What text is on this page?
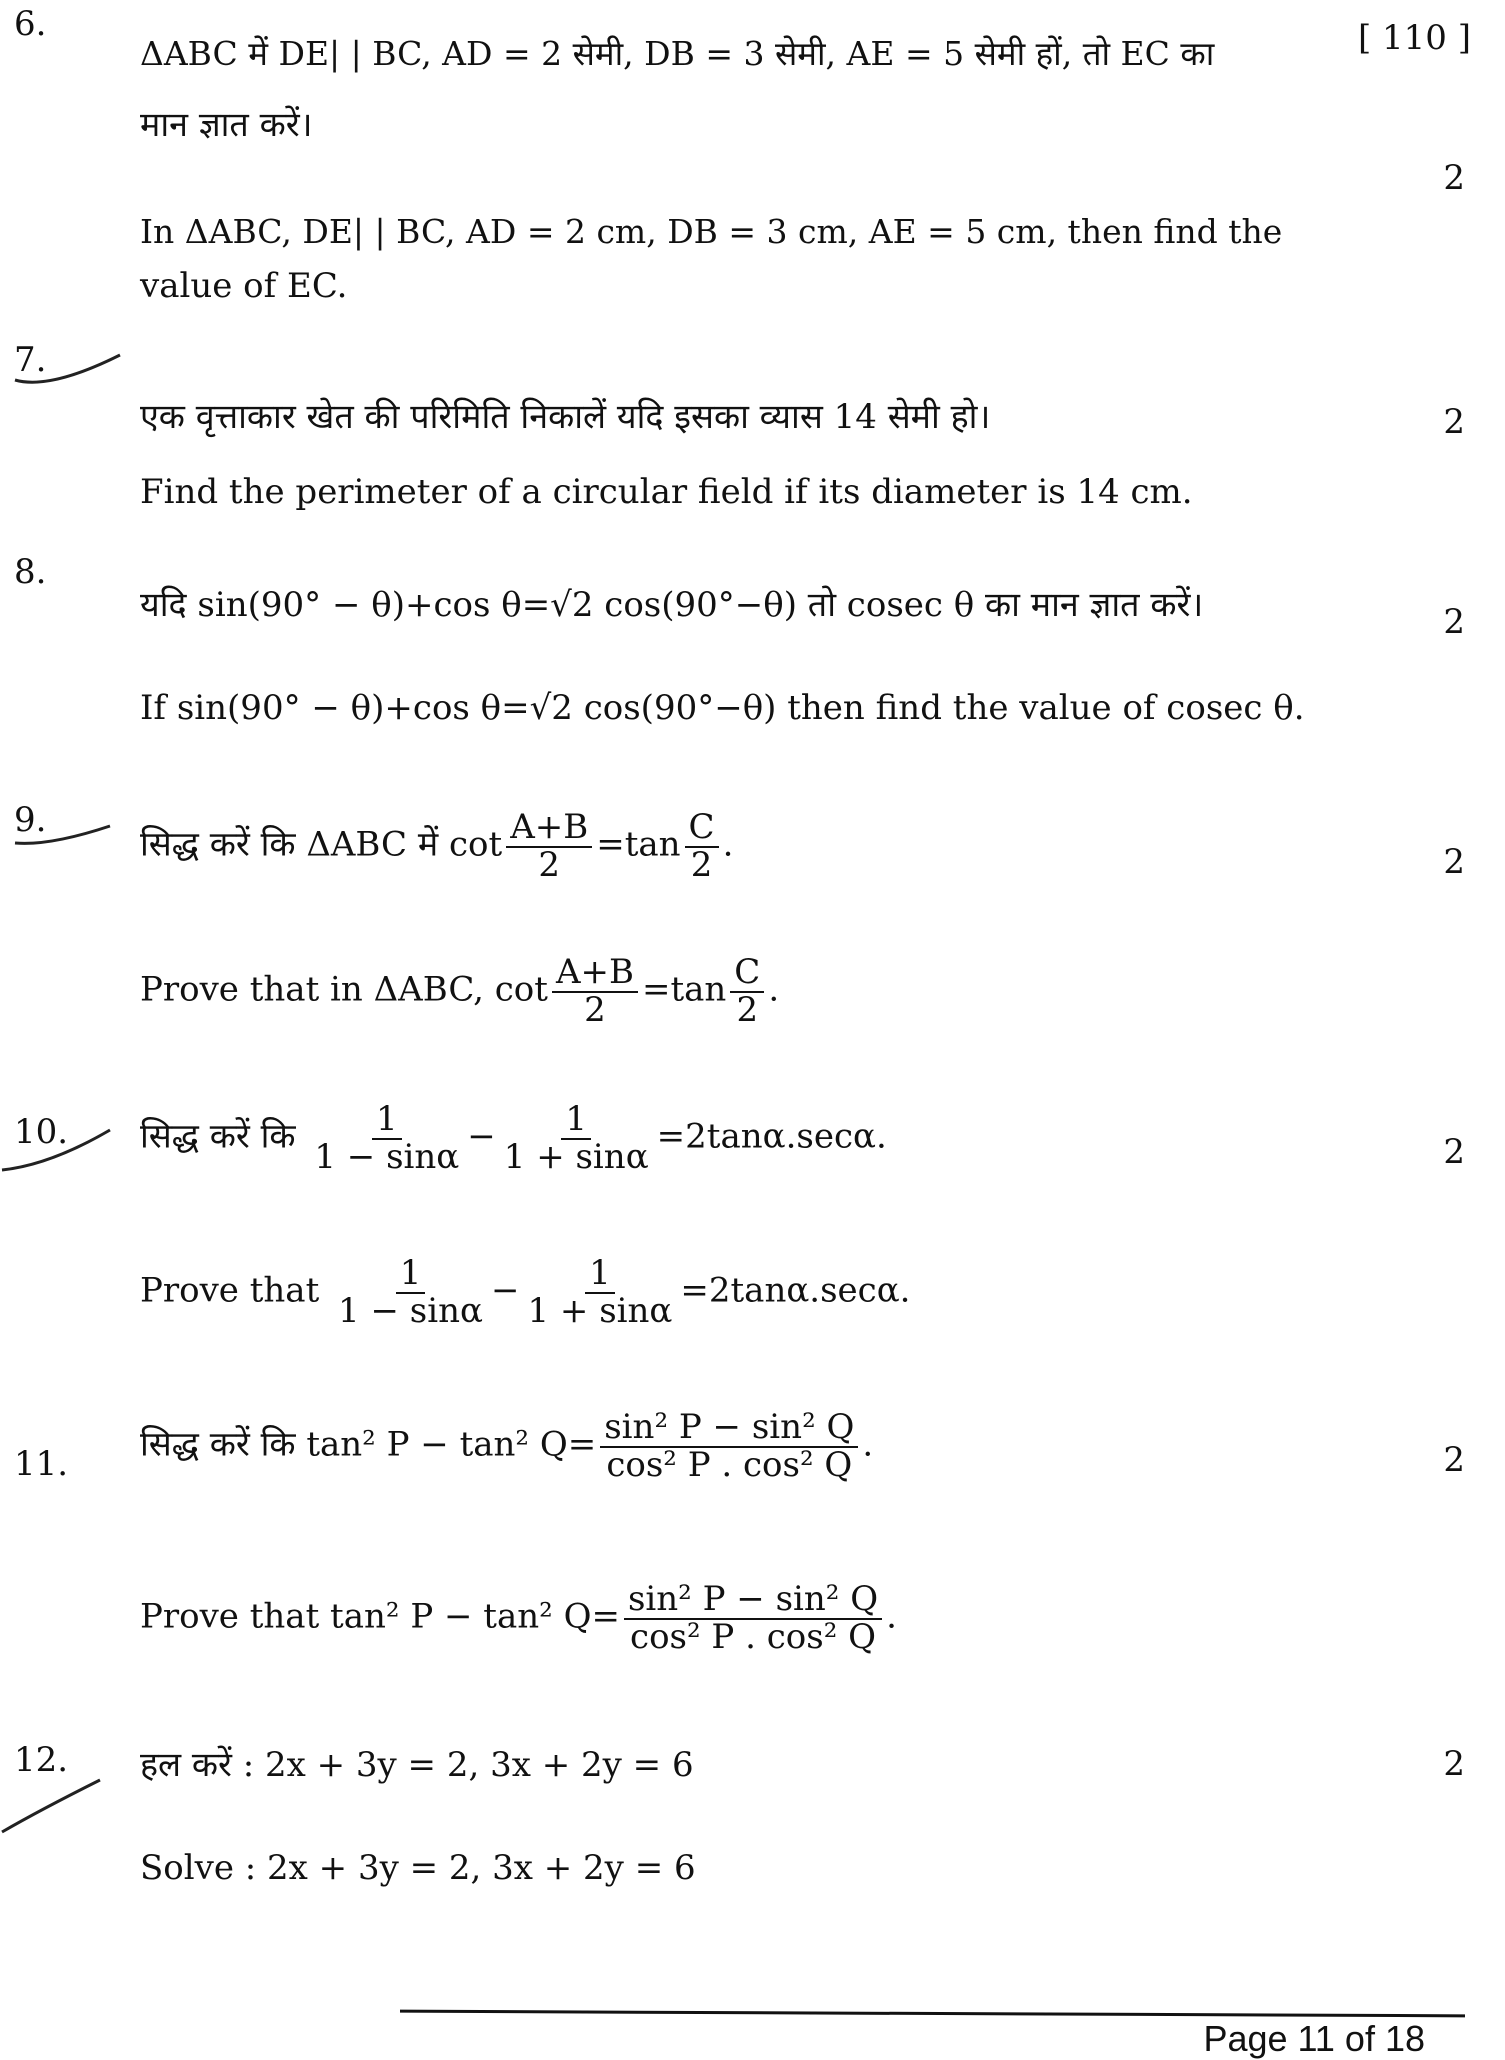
6.	[ 110 ]
ΔABC में DE| | BC, AD = 2 सेमी, DB = 3 सेमी, AE = 5 सेमी हों, तो EC का
मान ज्ञात करें।
2
In ΔABC, DE| | BC, AD = 2 cm, DB = 3 cm, AE = 5 cm, then find the
value of EC.
7.
एक वृत्ताकार खेत की परिमिति निकालें यदि इसका व्यास 14 सेमी हो।	2
Find the perimeter of a circular field if its diameter is 14 cm.
8.
यदि sin(90° − θ)+cos θ=√2 cos(90°−θ) तो cosec θ का मान ज्ञात करें।	2
If sin(90° − θ)+cos θ=√2 cos(90°−θ) then find the value of cosec θ.
9.
सिद्ध करें कि ΔABC में $\cot \frac{A+B}{2} =\tan \frac{C}{2}$ .	2
Prove that in ΔABC, $\cot \frac{A+B}{2} =\tan \frac{C}{2}$ .
10. सिद्ध करें कि $\frac{1}{1 - \sin\alpha} - \frac{1}{1 + \sin\alpha} =2\tan\alpha.\sec\alpha$.	2
Prove that $\frac{1}{1 - \sin\alpha} - \frac{1}{1 + \sin\alpha} =2\tan\alpha.\sec\alpha$.
11. सिद्ध करें कि tan² P − tan² $Q= \frac{\text{sin² P − sin² Q}}{\text{cos² P . cos² Q}}$ .	2
Prove that tan² P − tan² $Q= \frac{\text{sin² P − sin² Q}}{\text{cos² P . cos² Q}}$ .
12. हल करें : 2x + 3y = 2, 3x + 2y = 6	2
Solve : 2x + 3y = 2, 3x + 2y = 6
Page 11 of 18
